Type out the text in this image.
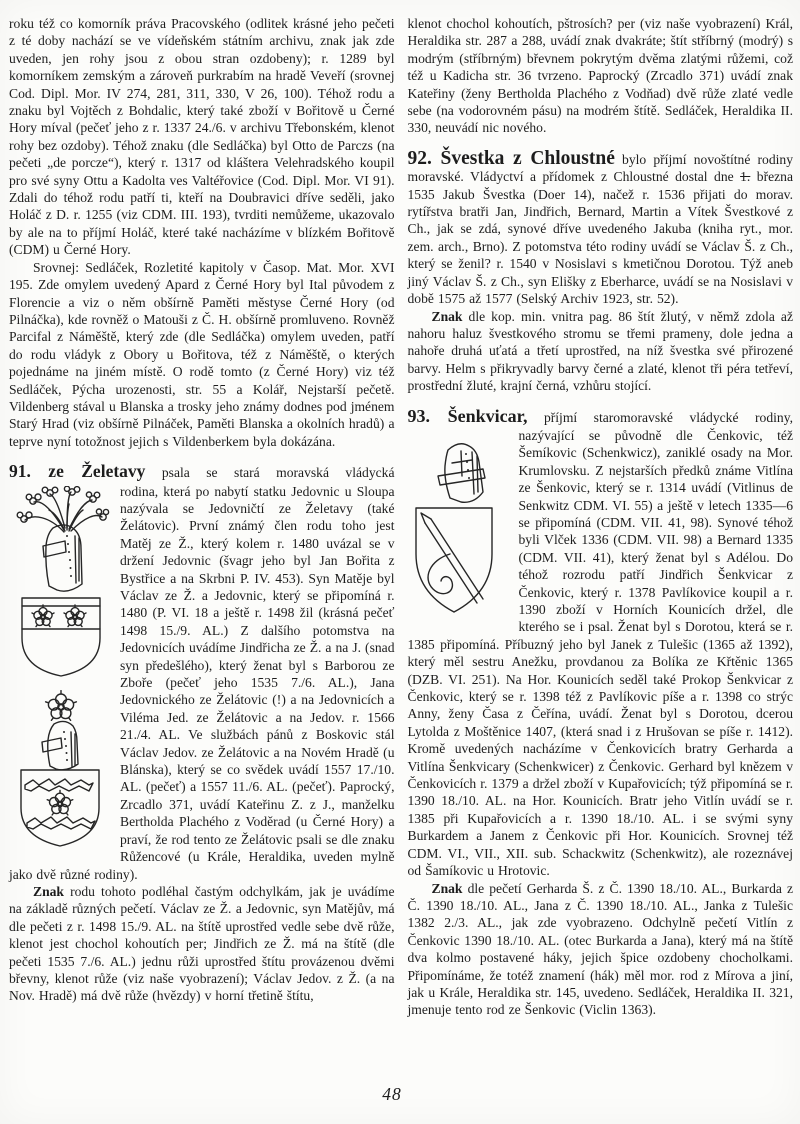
roku též co komorník práva Pracovského (odlitek krásné jeho pečeti z té doby nachází se ve vídeňském státním archivu, znak jak zde uveden, jen rohy jsou z obou stran ozdobeny); r. 1289 byl komorníkem zemským a zároveň purkrabím na hradě Veveří (srovnej Cod. Dipl. Mor. IV 274, 281, 311, 330, V 26, 100). Téhož rodu a znaku byl Vojtěch z Bohdalic, který také zboží v Bořitově u Černé Hory míval (pečeť jeho z r. 1337 24./6. v archivu Třebonském, klenot rohy bez ozdoby). Téhož znaku (dle Sedláčka) byl Otto de Parczs (na pečeti „de porcze“), který r. 1317 od kláštera Velehradského koupil pro své syny Ottu a Kadolta ves Valtéřovice (Cod. Dipl. Mor. VI 91). Zdali do téhož rodu patří ti, kteří na Doubravici dříve seděli, jako Holáč z D. r. 1255 (viz CDM. III. 193), tvrditi nemůžeme, ukazovalo by ale na to příjmí Holáč, které také nacházíme v blízkém Bořitově (CDM) u Černé Hory.

Srovnej: Sedláček, Rozletité kapitoly v Časop. Mat. Mor. XVI 195. Zde omylem uvedený Apard z Černé Hory byl Ital původem z Florencie a viz o něm obšírně Paměti městyse Černé Hory (od Pilnáčka), kde rovněž o Matouši z Č. H. obšírně promluveno. Rovněž Parcifal z Náměště, který zde (dle Sedláčka) omylem uveden, patří do rodu vládyk z Obory u Bořitova, též z Náměště, o kterých pojednáme na jiném místě. O rodě tomto (z Černé Hory) viz též Sedláček, Pýcha urozenosti, str. 55 a Kolář, Nejstarší pečetě. Vildenberg stával u Blanska a trosky jeho známy dodnes pod jménem Starý Hrad (viz obšírně Pilnáček, Paměti Blanska a okolních hradů) a teprve nyní totožnost jejich s Vildenberkem byla dokázána.

91. ze Želetavy psala se stará moravská vládycká

rodina, která po nabytí statku Jedovnic u Sloupa nazývala se Jedovničtí ze Želetavy (také Želátovic). První známý člen rodu toho jest Matěj ze Ž., který kolem r. 1480 uvázal se v držení Jedovnic (švagr jeho byl Jan Bořita z Bystřice a na Skrbni P. IV. 453). Syn Matěje byl Václav ze Ž. a Jedovnic, který se připomíná r. 1480 (P. VI. 18 a ještě r. 1498 žil (krásná pečeť 1498 15./9. AL.) Z dalšího potomstva na Jedovnicích uvádíme Jindřicha ze Ž. a na J. (snad syn předešlého), který ženat byl s Barborou ze Zboře (pečeť jeho 1535 7./6. AL.), Jana Jedovnického ze Želátovic (!) a na Jedovnicích a Viléma Jed. ze Želátovic a na Jedov. r. 1566 21./4. AL. Ve službách pánů z Boskovic stál Václav Jedov. ze Želátovic a na Novém Hradě (u Blánska), který se co svědek uvádí 1557 17./10. AL. (pečeť) a 1557 11./6. AL. (pečeť). Paprocký, Zrcadlo 371, uvádí Kateřinu Z. z J., manželku Bertholda Plachého z Voděrad (u Černé Hory) a praví, že rod tento ze Želátovic psali se dle znaku Růžencové (u Krále, Heraldika, uveden mylně jako dvě různé rodiny).

Znak rodu tohoto podléhal častým odchylkám, jak je uvádíme na základě různých pečetí. Václav ze Ž. a Jedovnic, syn Matějův, má dle pečeti z r. 1498 15./9. AL. na štítě uprostřed vedle sebe dvě růže, klenot jest chochol kohoutích per; Jindřich ze Ž. má na štítě (dle pečeti 1535 7./6. AL.) jednu růži uprostřed štítu provázenou dvěmi břevny, klenot růže (viz naše vyobrazení); Václav Jedov. z Ž. (a na Nov. Hradě) má dvě růže (hvězdy) v horní třetině štítu,

klenot chochol kohoutích, pštrosích? per (viz naše vyobrazení) Král, Heraldika str. 287 a 288, uvádí znak dvakráte; štít stříbrný (modrý) s modrým (stříbrným) břevnem pokrytým dvěma zlatými růžemi, což též u Kadicha str. 36 tvrzeno. Paprocký (Zrcadlo 371) uvádí znak Kateřiny (ženy Bertholda Plachého z Vodňad) dvě růže zlaté vedle sebe (na vodorovném pásu) na modrém štítě. Sedláček, Heraldika II. 330, neuvádí nic nového.

92. Švestka z Chloustné bylo příjmí novoštítné rodiny moravské. Vládyctví a přídomek z Chloustné dostal dne 1. března 1535 Jakub Švestka (Doer 14), načež r. 1536 přijati do morav. rytířstva bratři Jan, Jindřich, Bernard, Martin a Vítek Švestkové z Ch., jak se zdá, synové dříve uvedeného Jakuba (kniha ryt., mor. zem. arch., Brno). Z potomstva této rodiny uvádí se Václav Š. z Ch., který se ženil? r. 1540 v Nosislavi s kmetičnou Dorotou. Týž aneb jiný Václav Š. z Ch., syn Elišky z Eberharce, uvádí se na Nosislavi v době 1575 až 1577 (Selský Archiv 1923, str. 52).

Znak dle kop. min. vnitra pag. 86 štít žlutý, v němž zdola až nahoru haluz švestkového stromu se třemi prameny, dole jedna a nahoře druhá uťatá a třetí uprostřed, na níž švestka své přirozené barvy. Helm s přikryvadly barvy černé a zlaté, klenot tři péra tetřeví, prostřední žluté, krajní černá, vzhůru stojící.

93. Šenkvicar, příjmí staromoravské vládycké rodiny,

nazývající se původně dle Čenkovic, též Šemíkovic (Schenkwicz), zaniklé osady na Mor. Krumlovsku. Z nejstarších předků známe Vitlína ze Šenkovic, který se r. 1314 uvádí (Vitlinus de Senkwitz CDM. VI. 55) a ještě v letech 1335—6 se připomíná (CDM. VII. 41, 98). Synové téhož byli Vlček 1336 (CDM. VII. 98) a Bernard 1335 (CDM. VII. 41), který ženat byl s Adélou. Do téhož rozrodu patří Jindřich Šenkvicar z Čenkovic, který r. 1378 Pavlíkovice koupil a r. 1390 zboží v Horních Kounicích držel, dle kterého se i psal. Ženat byl s Dorotou, která se r. 1385 připomíná. Příbuzný jeho byl Janek z Tulešic (1365 až 1392), který měl sestru Anežku, provdanou za Bolíka ze Křtěnic 1365 (DZB. VI. 251). Na Hor. Kounicích seděl také Prokop Šenkvicar z Čenkovic, který se r. 1398 též z Pavlíkovic píše a r. 1398 co strýc Anny, ženy Časa z Čeřína, uvádí. Ženat byl s Dorotou, dcerou Lytolda z Moštěnice 1407, (která snad i z Hrušovan se píše r. 1412). Kromě uvedených nacházíme v Čenkovicích bratry Gerharda a Vitlína Šenkvicary (Schenkwicer) z Čenkovic. Gerhard byl knězem v Čenkovicích r. 1379 a držel zboží v Kupařovicích; týž připomíná se r. 1390 18./10. AL. na Hor. Kounicích. Bratr jeho Vitlín uvádí se r. 1385 při Kupařovicích a r. 1390 18./10. AL. i se svými syny Burkardem a Janem z Čenkovic při Hor. Kounicích. Srovnej též CDM. VI., VII., XII. sub. Schackwitz (Schenkwitz), ale rozeznávej od Šamíkovic u Hrotovic.

Znak dle pečetí Gerharda Š. z Č. 1390 18./10. AL., Burkarda z Č. 1390 18./10. AL., Jana z Č. 1390 18./10. AL., Janka z Tulešic 1382 2./3. AL., jak zde vyobrazeno. Odchylně pečetí Vitlín z Čenkovic 1390 18./10. AL. (otec Burkarda a Jana), který má na štítě dva kolmo postavené háky, jejich špice ozdobeny chocholkami. Připomínáme, že totéž znamení (hák) měl mor. rod z Mírova a jiní, jak u Krále, Heraldika str. 145, uvedeno. Sedláček, Heraldika II. 321, jmenuje tento rod ze Šenkovic (Viclin 1363).

48
